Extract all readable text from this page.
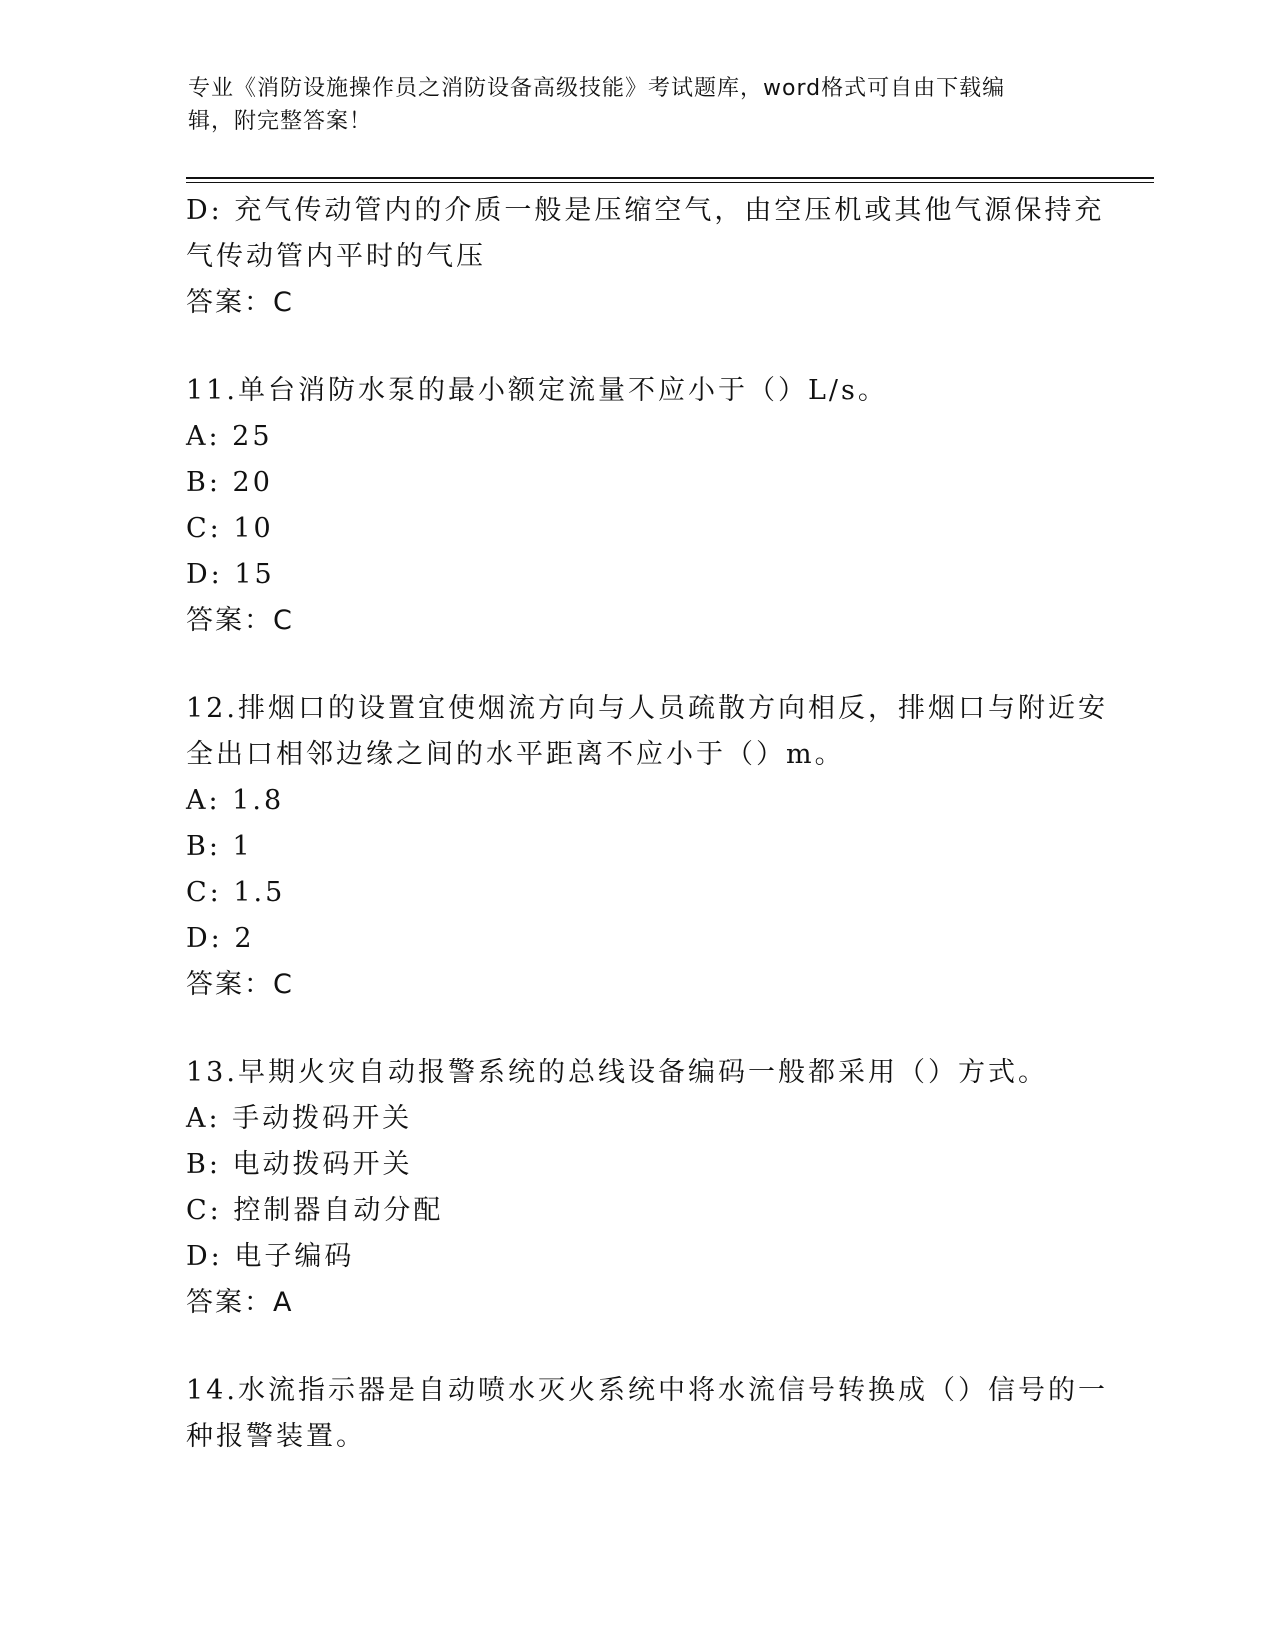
专业《消防设施操作员之消防设备高级技能》考试题库，word格式可自由下载编
辑，附完整答案！
D: 充气传动管内的介质一般是压缩空气，由空压机或其他气源保持充
气传动管内平时的气压
答案：C
11.单台消防水泵的最小额定流量不应小于（）L/s。
A: 25
B: 20
C: 10
D: 15
答案：C
12.排烟口的设置宜使烟流方向与人员疏散方向相反，排烟口与附近安
全出口相邻边缘之间的水平距离不应小于（）m。
A: 1.8
B: 1
C: 1.5
D: 2
答案：C
13.早期火灾自动报警系统的总线设备编码一般都采用（）方式。
A: 手动拨码开关
B: 电动拨码开关
C: 控制器自动分配
D: 电子编码
答案：A
14.水流指示器是自动喷水灭火系统中将水流信号转换成（）信号的一
种报警装置。
